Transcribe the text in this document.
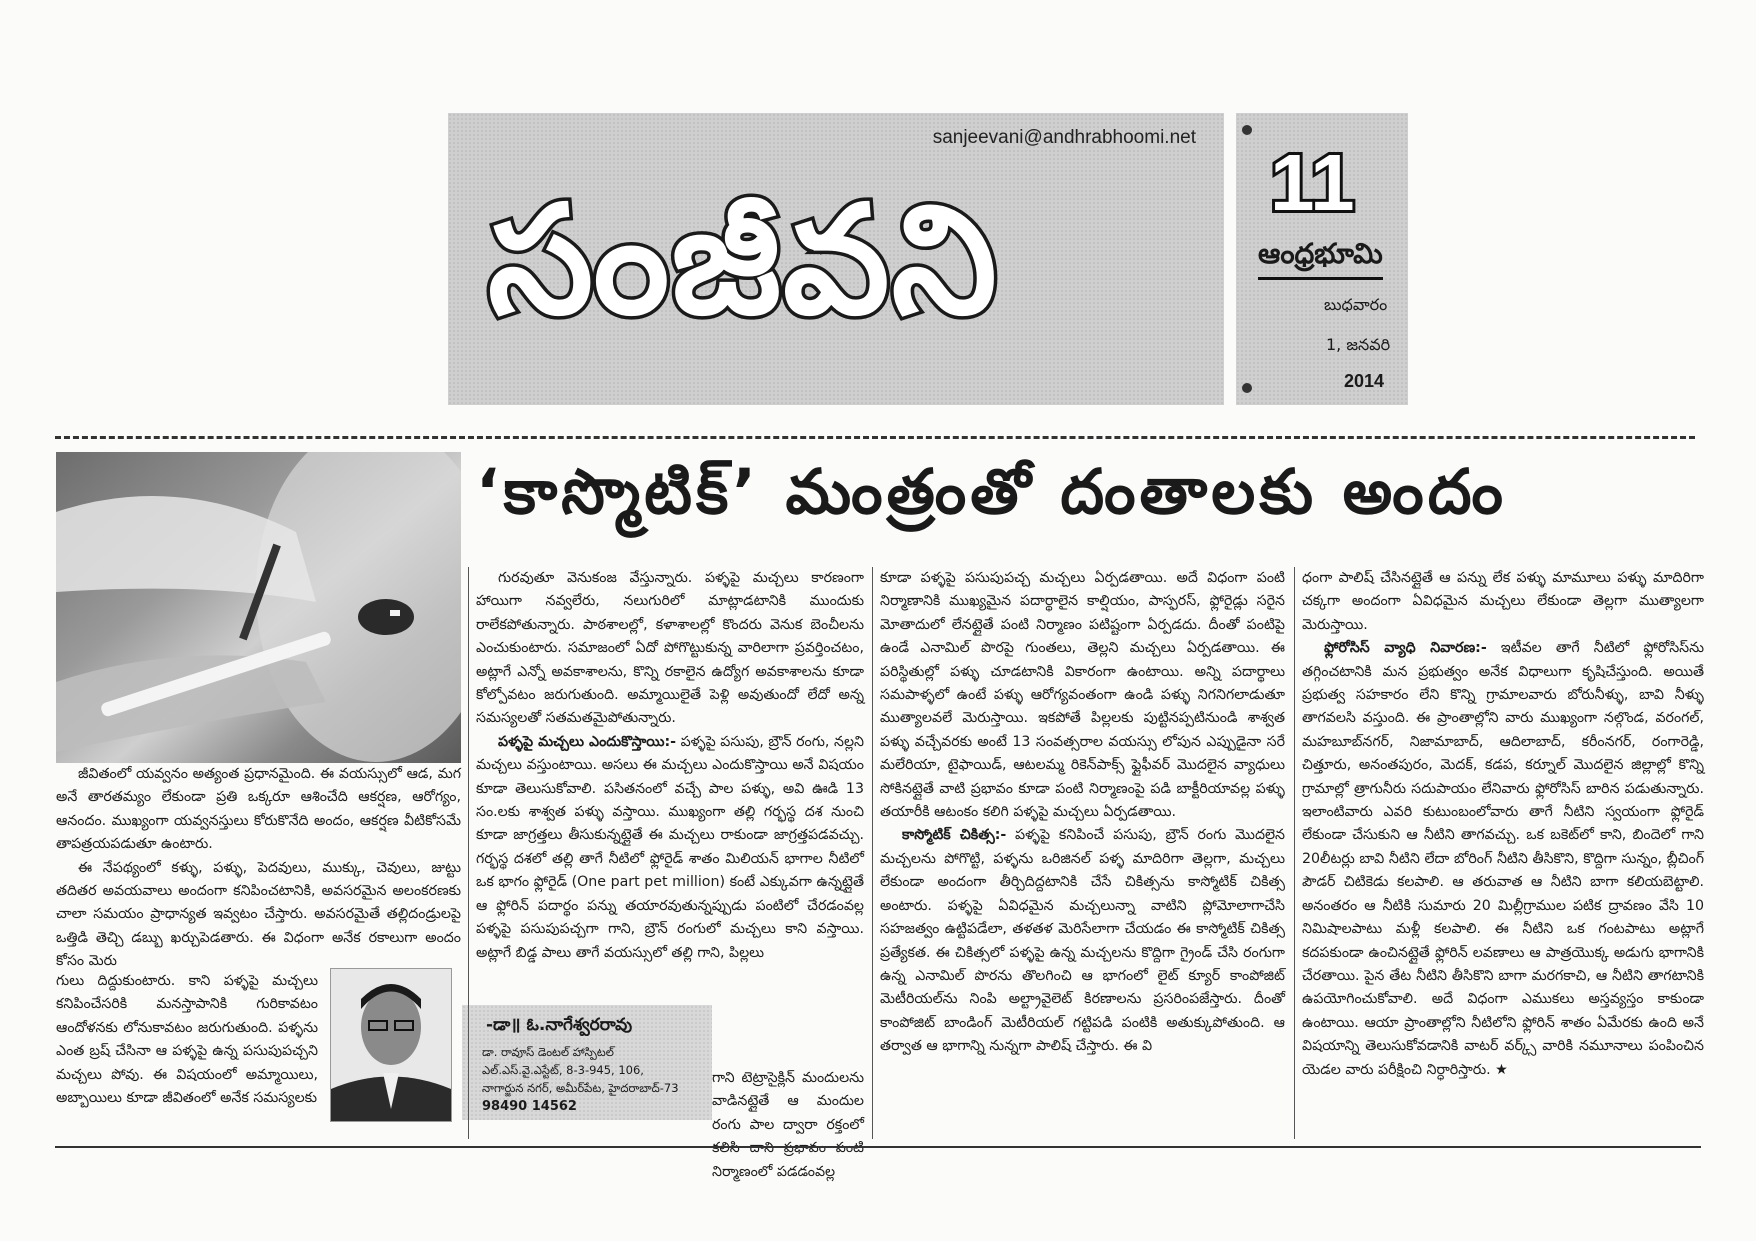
sanjeevani@andhrabhoomi.net
సంజీవని	11
ఆంధ్రభూమి
బుధవారం
1, జనవరి
2014
‘కాస్మొటిక్’ మంత్రంతో దంతాలకు అందం

జీవితంలో యవ్వనం అత్యంత ప్రధానమైంది. ఈ వయస్సులో ఆడ, మగ అనే తారతమ్యం లేకుండా ప్రతి ఒక్కరూ ఆశించేది ఆకర్షణ, ఆరోగ్యం, ఆనందం. ముఖ్యంగా యవ్వనస్తులు కోరుకొనేది అందం, ఆకర్షణ వీటికోసమే తాపత్రయపడుతూ ఉంటారు.

ఈ నేపథ్యంలో కళ్ళు, పళ్ళు, పెదవులు, ముక్కు, చెవులు, జుట్టు తదితర అవయవాలు అందంగా కనిపించటానికి, అవసరమైన అలంకరణకు చాలా సమయం ప్రాధాన్యత ఇవ్వటం చేస్తారు. అవసరమైతే తల్లిదండ్రులపై ఒత్తిడి తెచ్చి డబ్బు ఖర్చుపెడతారు. ఈ విధంగా అనేక రకాలుగా అందం కోసం మెరు

గులు దిద్దుకుంటారు. కాని పళ్ళపై మచ్చలు కనిపించేసరికి మనస్తాపానికి గురికావటం ఆందోళనకు లోనుకావటం జరుగుతుంది. పళ్ళను ఎంత బ్రష్ చేసినా ఆ పళ్ళపై ఉన్న పసుపుపచ్చని మచ్చలు పోవు. ఈ విషయంలో అమ్మాయిలు, అబ్బాయిలు కూడా జీవితంలో అనేక సమస్యలకు

-డా॥ ఓ.నాగేశ్వరరావు
డా. రావూస్ డెంటల్ హాస్పిటల్
ఎల్.ఎస్.వై.ఎస్టేట్, 8-3-945, 106,
నాగార్జున నగర్, అమీర్‌పేట, హైదరాబాద్-73
98490 14562

గురవుతూ వెనుకంజ వేస్తున్నారు. పళ్ళపై మచ్చలు కారణంగా హాయిగా నవ్వలేరు, నలుగురిలో మాట్లాడటానికి ముందుకు రాలేకపోతున్నారు. పాఠశాలల్లో, కళాశాలల్లో కొందరు వెనుక బెంచీలను ఎంచుకుంటారు. సమాజంలో ఏదో పోగొట్టుకున్న వారిలాగా ప్రవర్తించటం, అట్లాగే ఎన్నో అవకాశాలను, కొన్ని రకాలైన ఉద్యోగ అవకాశాలను కూడా కోల్పోవటం జరుగుతుంది. అమ్మాయిలైతే పెళ్లి అవుతుందో లేదో అన్న సమస్యలతో సతమతమైపోతున్నారు.

పళ్ళపై మచ్చలు ఎందుకొస్తాయి:- పళ్ళపై పసుపు, బ్రౌన్ రంగు, నల్లని మచ్చలు వస్తుంటాయి. అసలు ఈ మచ్చలు ఎందుకొస్తాయి అనే విషయం కూడా తెలుసుకోవాలి. పసితనంలో వచ్చే పాల పళ్ళు, అవి ఊడి 13 సం.లకు శాశ్వత పళ్ళు వస్తాయి. ముఖ్యంగా తల్లి గర్భస్థ దశ నుంచి కూడా జాగ్రత్తలు తీసుకున్నట్లైతే ఈ మచ్చలు రాకుండా జాగ్రత్తపడవచ్చు. గర్భస్థ దశలో తల్లి తాగే నీటిలో ఫ్లోరైడ్ శాతం మిలియన్ భాగాల నీటిలో ఒక భాగం ఫ్లోరైడ్ (One part pet million) కంటే ఎక్కువగా ఉన్నట్లైతే ఆ ఫ్లోరిన్ పదార్థం పన్ను తయారవుతున్నప్పుడు పంటిలో చేరడంవల్ల పళ్ళపై పసుపుపచ్చగా గాని, బ్రౌన్ రంగులో మచ్చలు కాని వస్తాయి. అట్లాగే బిడ్డ పాలు తాగే వయస్సులో తల్లి గాని, పిల్లలు

గాని టెట్రాసైక్లిన్ మందులను వాడినట్లైతే ఆ మందుల రంగు పాల ద్వారా రక్తంలో కలిసి దాని ప్రభావం పంటి నిర్మాణంలో పడడంవల్ల

కూడా పళ్ళపై పసుపుపచ్చ మచ్చలు ఏర్పడతాయి. అదే విధంగా పంటి నిర్మాణానికి ముఖ్యమైన పదార్థాలైన కాల్షియం, పాస్ఫరస్, ఫ్లోరైడ్లు సరైన మోతాదులో లేనట్లైతే పంటి నిర్మాణం పటిష్టంగా ఏర్పడదు. దీంతో పంటిపై ఉండే ఎనామిల్ పొరపై గుంతలు, తెల్లని మచ్చలు ఏర్పడతాయి. ఈ పరిస్థితుల్లో పళ్ళు చూడటానికి వికారంగా ఉంటాయి. అన్ని పదార్థాలు సమపాళ్ళలో ఉంటే పళ్ళు ఆరోగ్యవంతంగా ఉండి పళ్ళు నిగనిగలాడుతూ ముత్యాలవలే మెరుస్తాయి. ఇకపోతే పిల్లలకు పుట్టినప్పటినుండి శాశ్వత పళ్ళు వచ్చేవరకు అంటే 13 సంవత్సరాల వయస్సు లోపున ఎప్పుడైనా సరే మలేరియా, టైఫాయిడ్, ఆటలమ్మ రికెన్‌పాక్స్ ఫ్లైఫీవర్ మొదలైన వ్యాధులు సోకినట్లైతే వాటి ప్రభావం కూడా పంటి నిర్మాణంపై పడి బాక్టీరియావల్ల పళ్ళు తయారీకి ఆటంకం కలిగి పళ్ళపై మచ్చలు ఏర్పడతాయి.

కాస్మోటిక్ చికిత్స:- పళ్ళపై కనిపించే పసుపు, బ్రౌన్ రంగు మొదలైన మచ్చలను పోగొట్టి, పళ్ళను ఒరిజినల్ పళ్ళ మాదిరిగా తెల్లగా, మచ్చలు లేకుండా అందంగా తీర్చిదిద్దటానికి చేసే చికిత్సను కాస్మోటిక్ చికిత్స అంటారు. పళ్ళపై ఏవిధమైన మచ్చలున్నా వాటిని ప్లోమోలాగాచేసి సహజత్వం ఉట్టిపడేలా, తళతళ మెరిసేలాగా చేయడం ఈ కాస్మోటిక్ చికిత్స ప్రత్యేకత. ఈ చికిత్సలో పళ్ళపై ఉన్న మచ్చలను కొద్దిగా గ్రైండ్ చేసి రంగుగా ఉన్న ఎనామిల్ పొరను తొలగించి ఆ భాగంలో లైట్ క్యూర్ కాంపోజిట్ మెటీరియల్‌ను నింపి అల్ట్రావైలెట్ కిరణాలను ప్రసరింపజేస్తారు. దీంతో కాంపోజిట్ బాండింగ్ మెటీరియల్ గట్టిపడి పంటికి అతుక్కుపోతుంది. ఆ తర్వాత ఆ భాగాన్ని నున్నగా పాలిష్ చేస్తారు. ఈ వి

ధంగా పాలిష్ చేసినట్లైతే ఆ పన్ను లేక పళ్ళు మామూలు పళ్ళు మాదిరిగా చక్కగా అందంగా ఏవిధమైన మచ్చలు లేకుండా తెల్లగా ముత్యాలగా మెరుస్తాయి.

ఫ్లోరోసిస్ వ్యాధి నివారణ:- ఇటీవల తాగే నీటిలో ఫ్లోరోసిస్‌ను తగ్గించటానికి మన ప్రభుత్వం అనేక విధాలుగా కృషిచేస్తుంది. అయితే ప్రభుత్వ సహకారం లేని కొన్ని గ్రామాలవారు బోరునీళ్ళు, బావి నీళ్ళు తాగవలసి వస్తుంది. ఈ ప్రాంతాల్లోని వారు ముఖ్యంగా నల్గొండ, వరంగల్, మహబూబ్‌నగర్, నిజామాబాద్, ఆదిలాబాద్, కరీంనగర్, రంగారెడ్డి, చిత్తూరు, అనంతపురం, మెదక్, కడప, కర్నూల్ మొదలైన జిల్లాల్లో కొన్ని గ్రామాల్లో త్రాగునీరు సదుపాయం లేనివారు ఫ్లోరోసిస్ బారిన పడుతున్నారు. ఇలాంటివారు ఎవరి కుటుంబంలోవారు తాగే నీటిని స్వయంగా ఫ్లోరైడ్ లేకుండా చేసుకుని ఆ నీటిని తాగవచ్చు. ఒక బకెట్‌లో కాని, బిందెలో గాని 20లీటర్లు బావి నీటిని లేదా బోరింగ్ నీటిని తీసికొని, కొద్దిగా సున్నం, బ్లీచింగ్ పౌడర్ చిటికెడు కలపాలి. ఆ తరువాత ఆ నీటిని బాగా కలియబెట్టాలి. అనంతరం ఆ నీటికి సుమారు 20 మిల్లీగ్రాముల పటిక ద్రావణం వేసి 10 నిమిషాలపాటు మళ్లీ కలపాలి. ఈ నీటిని ఒక గంటపాటు అట్లాగే కదపకుండా ఉంచినట్లైతే ఫ్లోరిన్ లవణాలు ఆ పాత్రయొక్క అడుగు భాగానికి చేరతాయి. పైన తేట నీటిని తీసికొని బాగా మరగకాచి, ఆ నీటిని తాగటానికి ఉపయోగించుకోవాలి. అదే విధంగా ఎముకలు అస్తవ్యస్తం కాకుండా ఉంటాయి. ఆయా ప్రాంతాల్లోని నీటిలోని ఫ్లోరిన్ శాతం ఏమేరకు ఉంది అనే విషయాన్ని తెలుసుకోవడానికి వాటర్ వర్క్స్ వారికి నమూనాలు పంపించిన యెడల వారు పరీక్షించి నిర్ధారిస్తారు. ★
